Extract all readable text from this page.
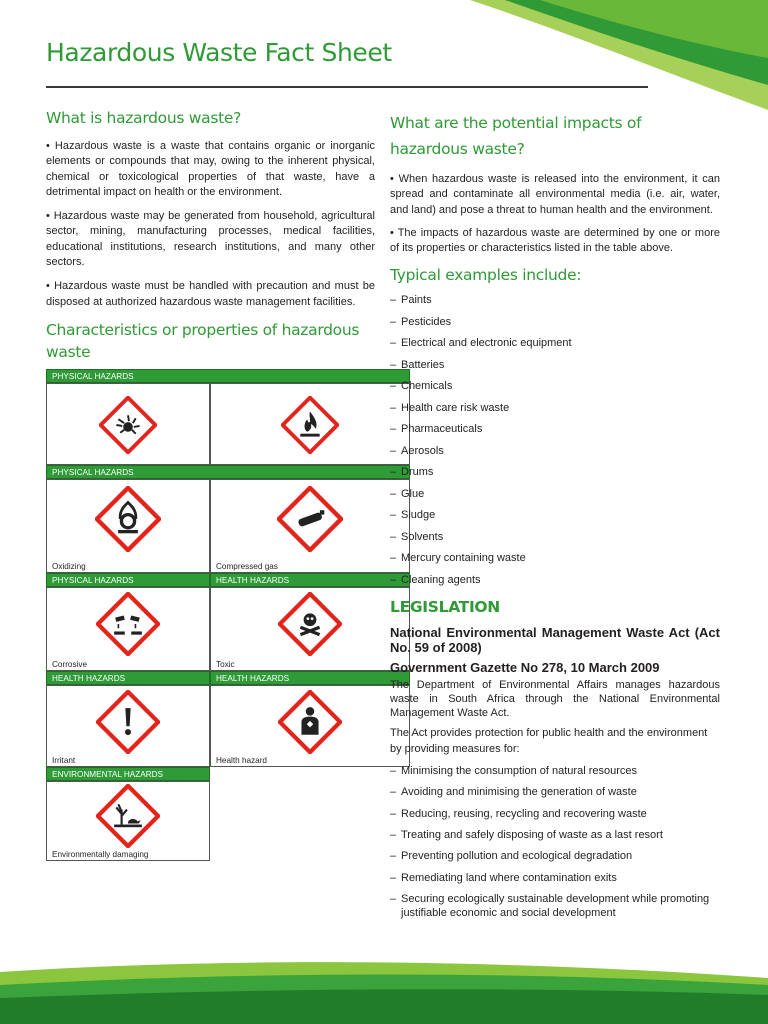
Hazardous Waste Fact Sheet
What is hazardous waste?

• Hazardous waste is a waste that contains organic or inorganic elements or compounds that may, owing to the inherent physical, chemical or toxicological properties of that waste, have a detrimental impact on health or the environment.

• Hazardous waste may be generated from household, agricultural sector, mining, manufacturing processes, medical facilities, educational institutions, research institutions, and many other sectors.

• Hazardous waste must be handled with precaution and must be disposed at authorized hazardous waste management facilities.

Characteristics or properties of hazardous waste
PHYSICAL HAZARDS
PHYSICAL HAZARDS
Oxidizing	Compressed gas
PHYSICAL HAZARDS	HEALTH HAZARDS
Corrosive	Toxic
HEALTH HAZARDS	HEALTH HAZARDS
Irritant	Health hazard
ENVIRONMENTAL HAZARDS
Environmentally damaging
What are the potential impacts of
hazardous waste?

• When hazardous waste is released into the environment, it can spread and contaminate all environmental media (i.e. air, water, and land) and pose a threat to human health and the environment.

• The impacts of hazardous waste are determined by one or more of its properties or characteristics listed in the table above.

Typical examples include:
– Paints
– Pesticides
– Electrical and electronic equipment
– Batteries
– Chemicals
– Health care risk waste
– Pharmaceuticals
– Aerosols
– Drums
– Glue
– Sludge
– Solvents
– Mercury containing waste
– Cleaning agents
LEGISLATION

National Environmental Management Waste Act (Act No. 59 of 2008)

Government Gazette No 278, 10 March 2009

The Department of Environmental Affairs manages hazardous waste in South Africa through the National Environmental Management Waste Act.

The Act provides protection for public health and the environment by providing measures for:

– Minimising the consumption of natural resources
– Avoiding and minimising the generation of waste
– Reducing, reusing, recycling and recovering waste
– Treating and safely disposing of waste as a last resort
– Preventing pollution and ecological degradation
– Remediating land where contamination exits
– Securing ecologically sustainable development while promoting justifiable economic and social development
